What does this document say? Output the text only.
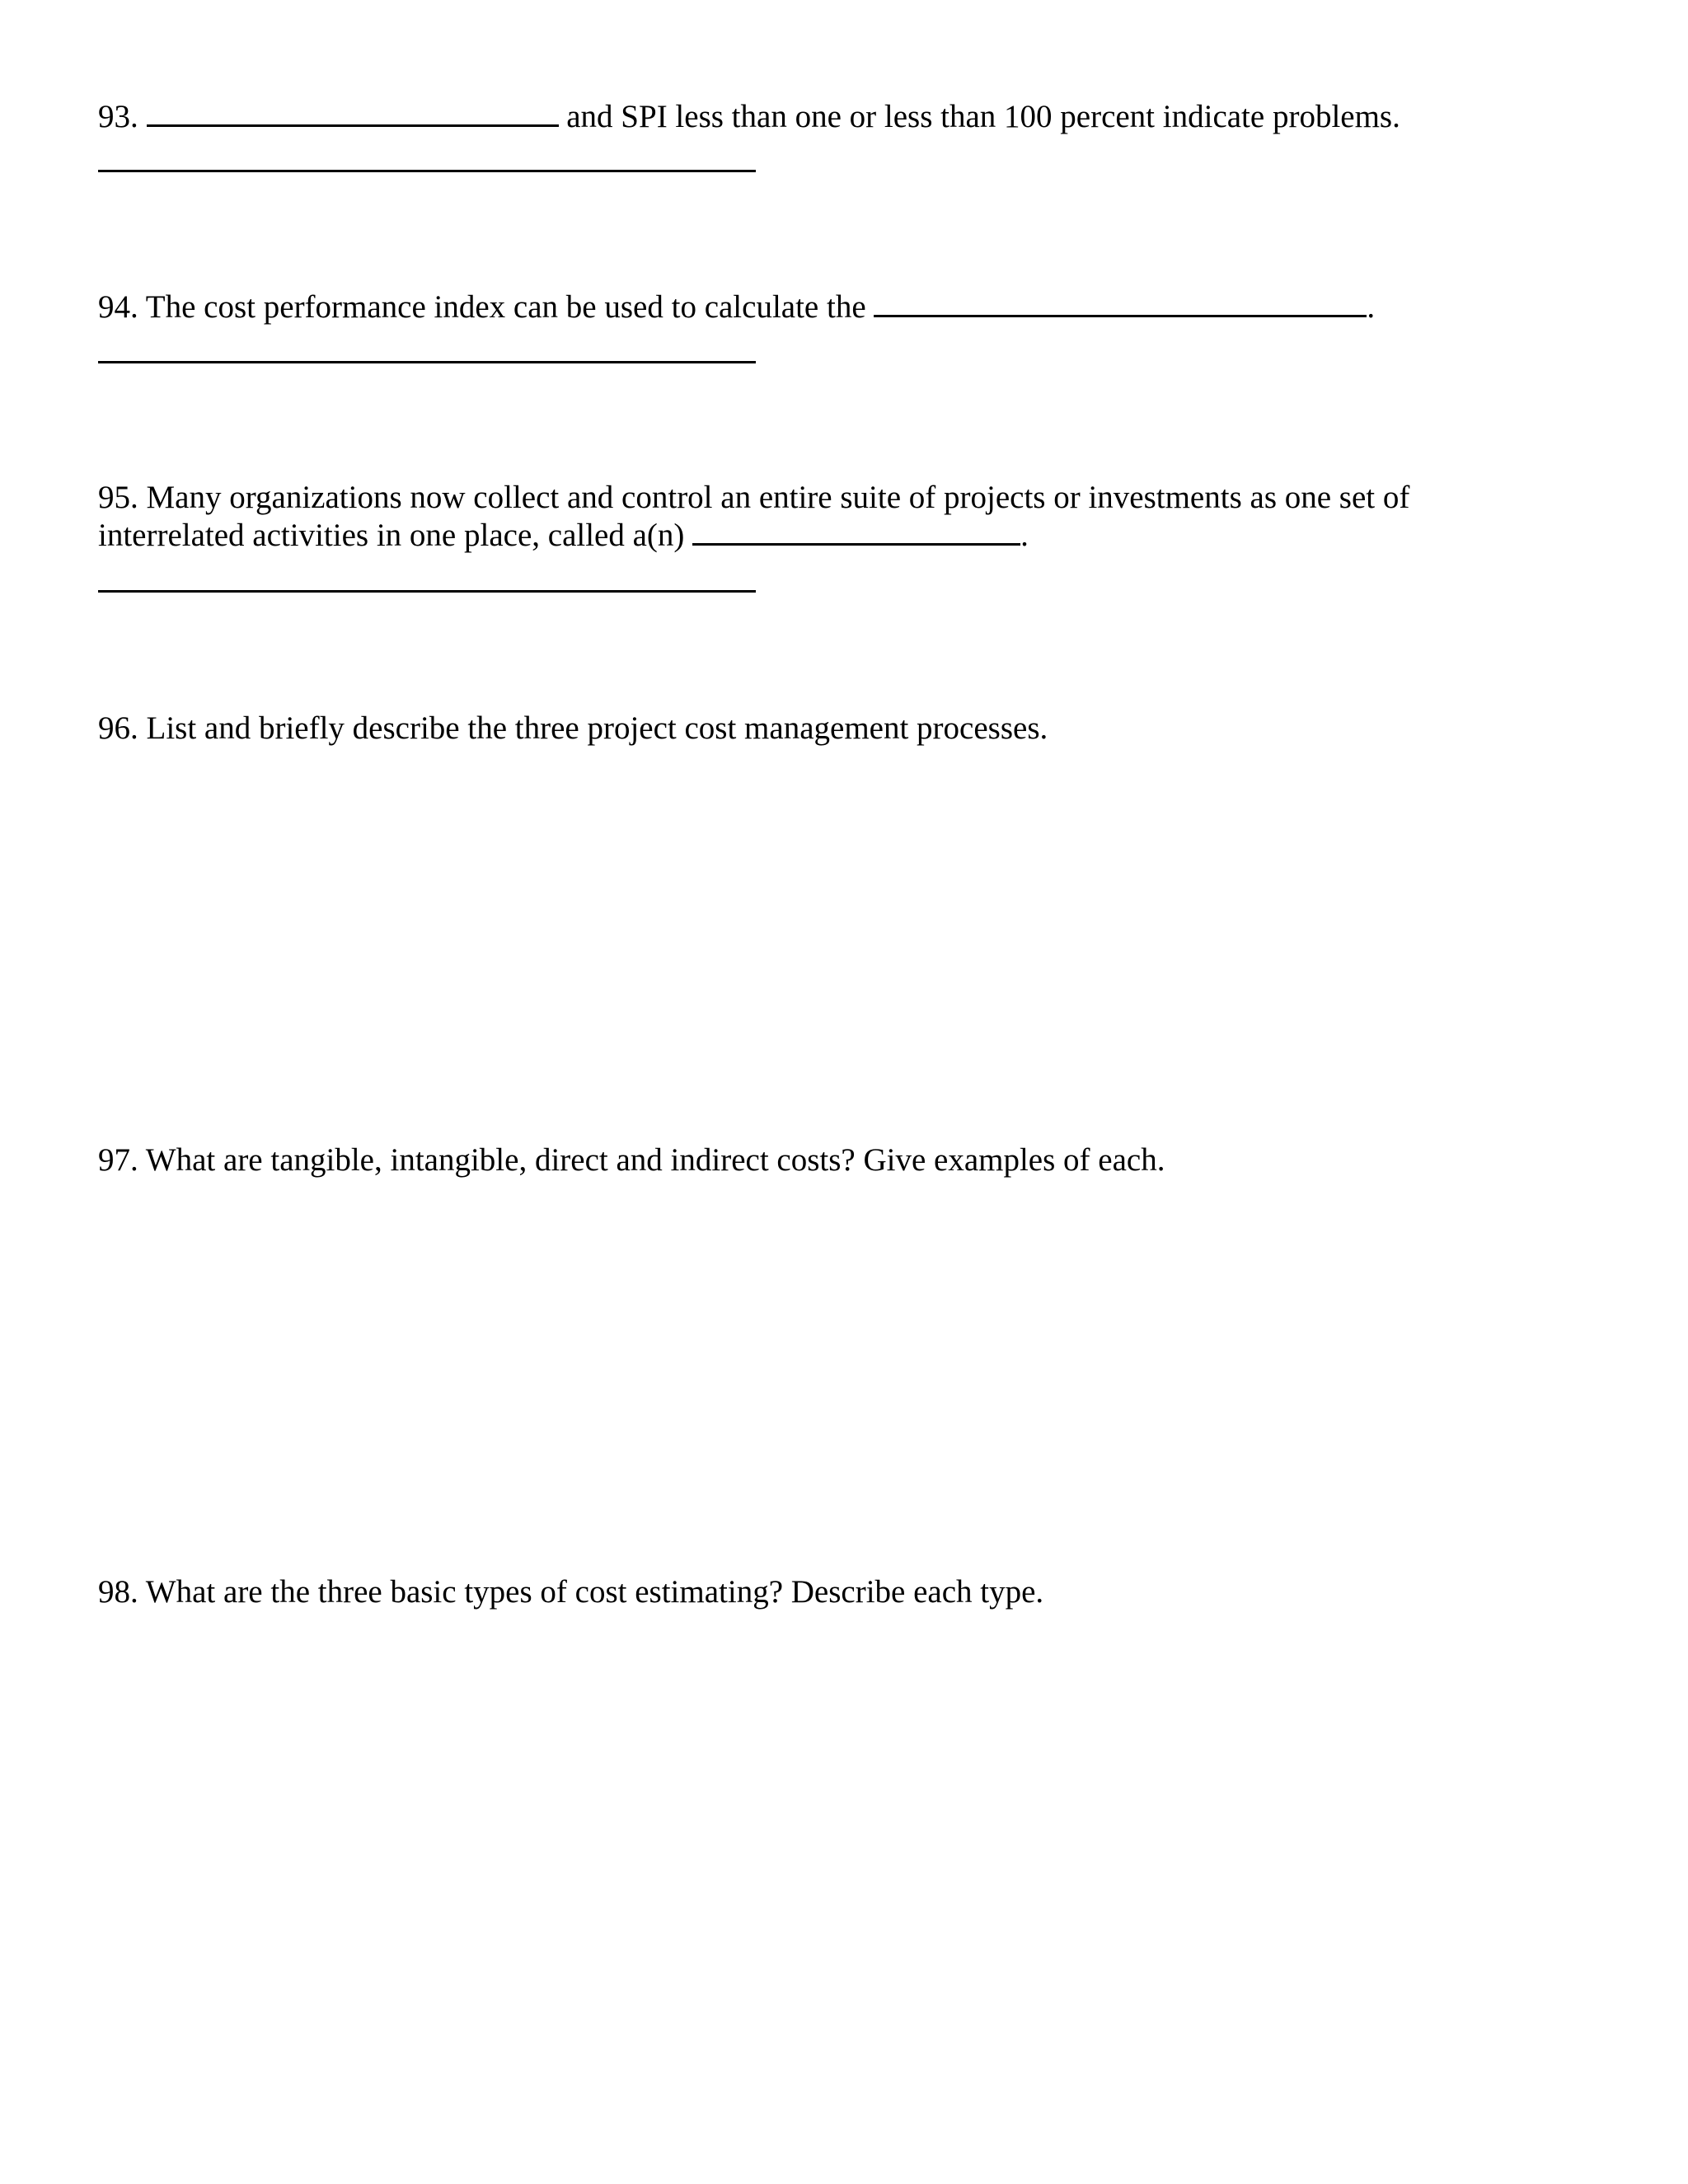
93.	and SPI less than one or less than 100 percent indicate problems.
94. The cost performance index can be used to calculate the	.
95. Many organizations now collect and control an entire suite of projects or investments as one set of
interrelated activities in one place, called a(n)	.
96. List and briefly describe the three project cost management processes.
97. What are tangible, intangible, direct and indirect costs? Give examples of each.
98. What are the three basic types of cost estimating? Describe each type.
